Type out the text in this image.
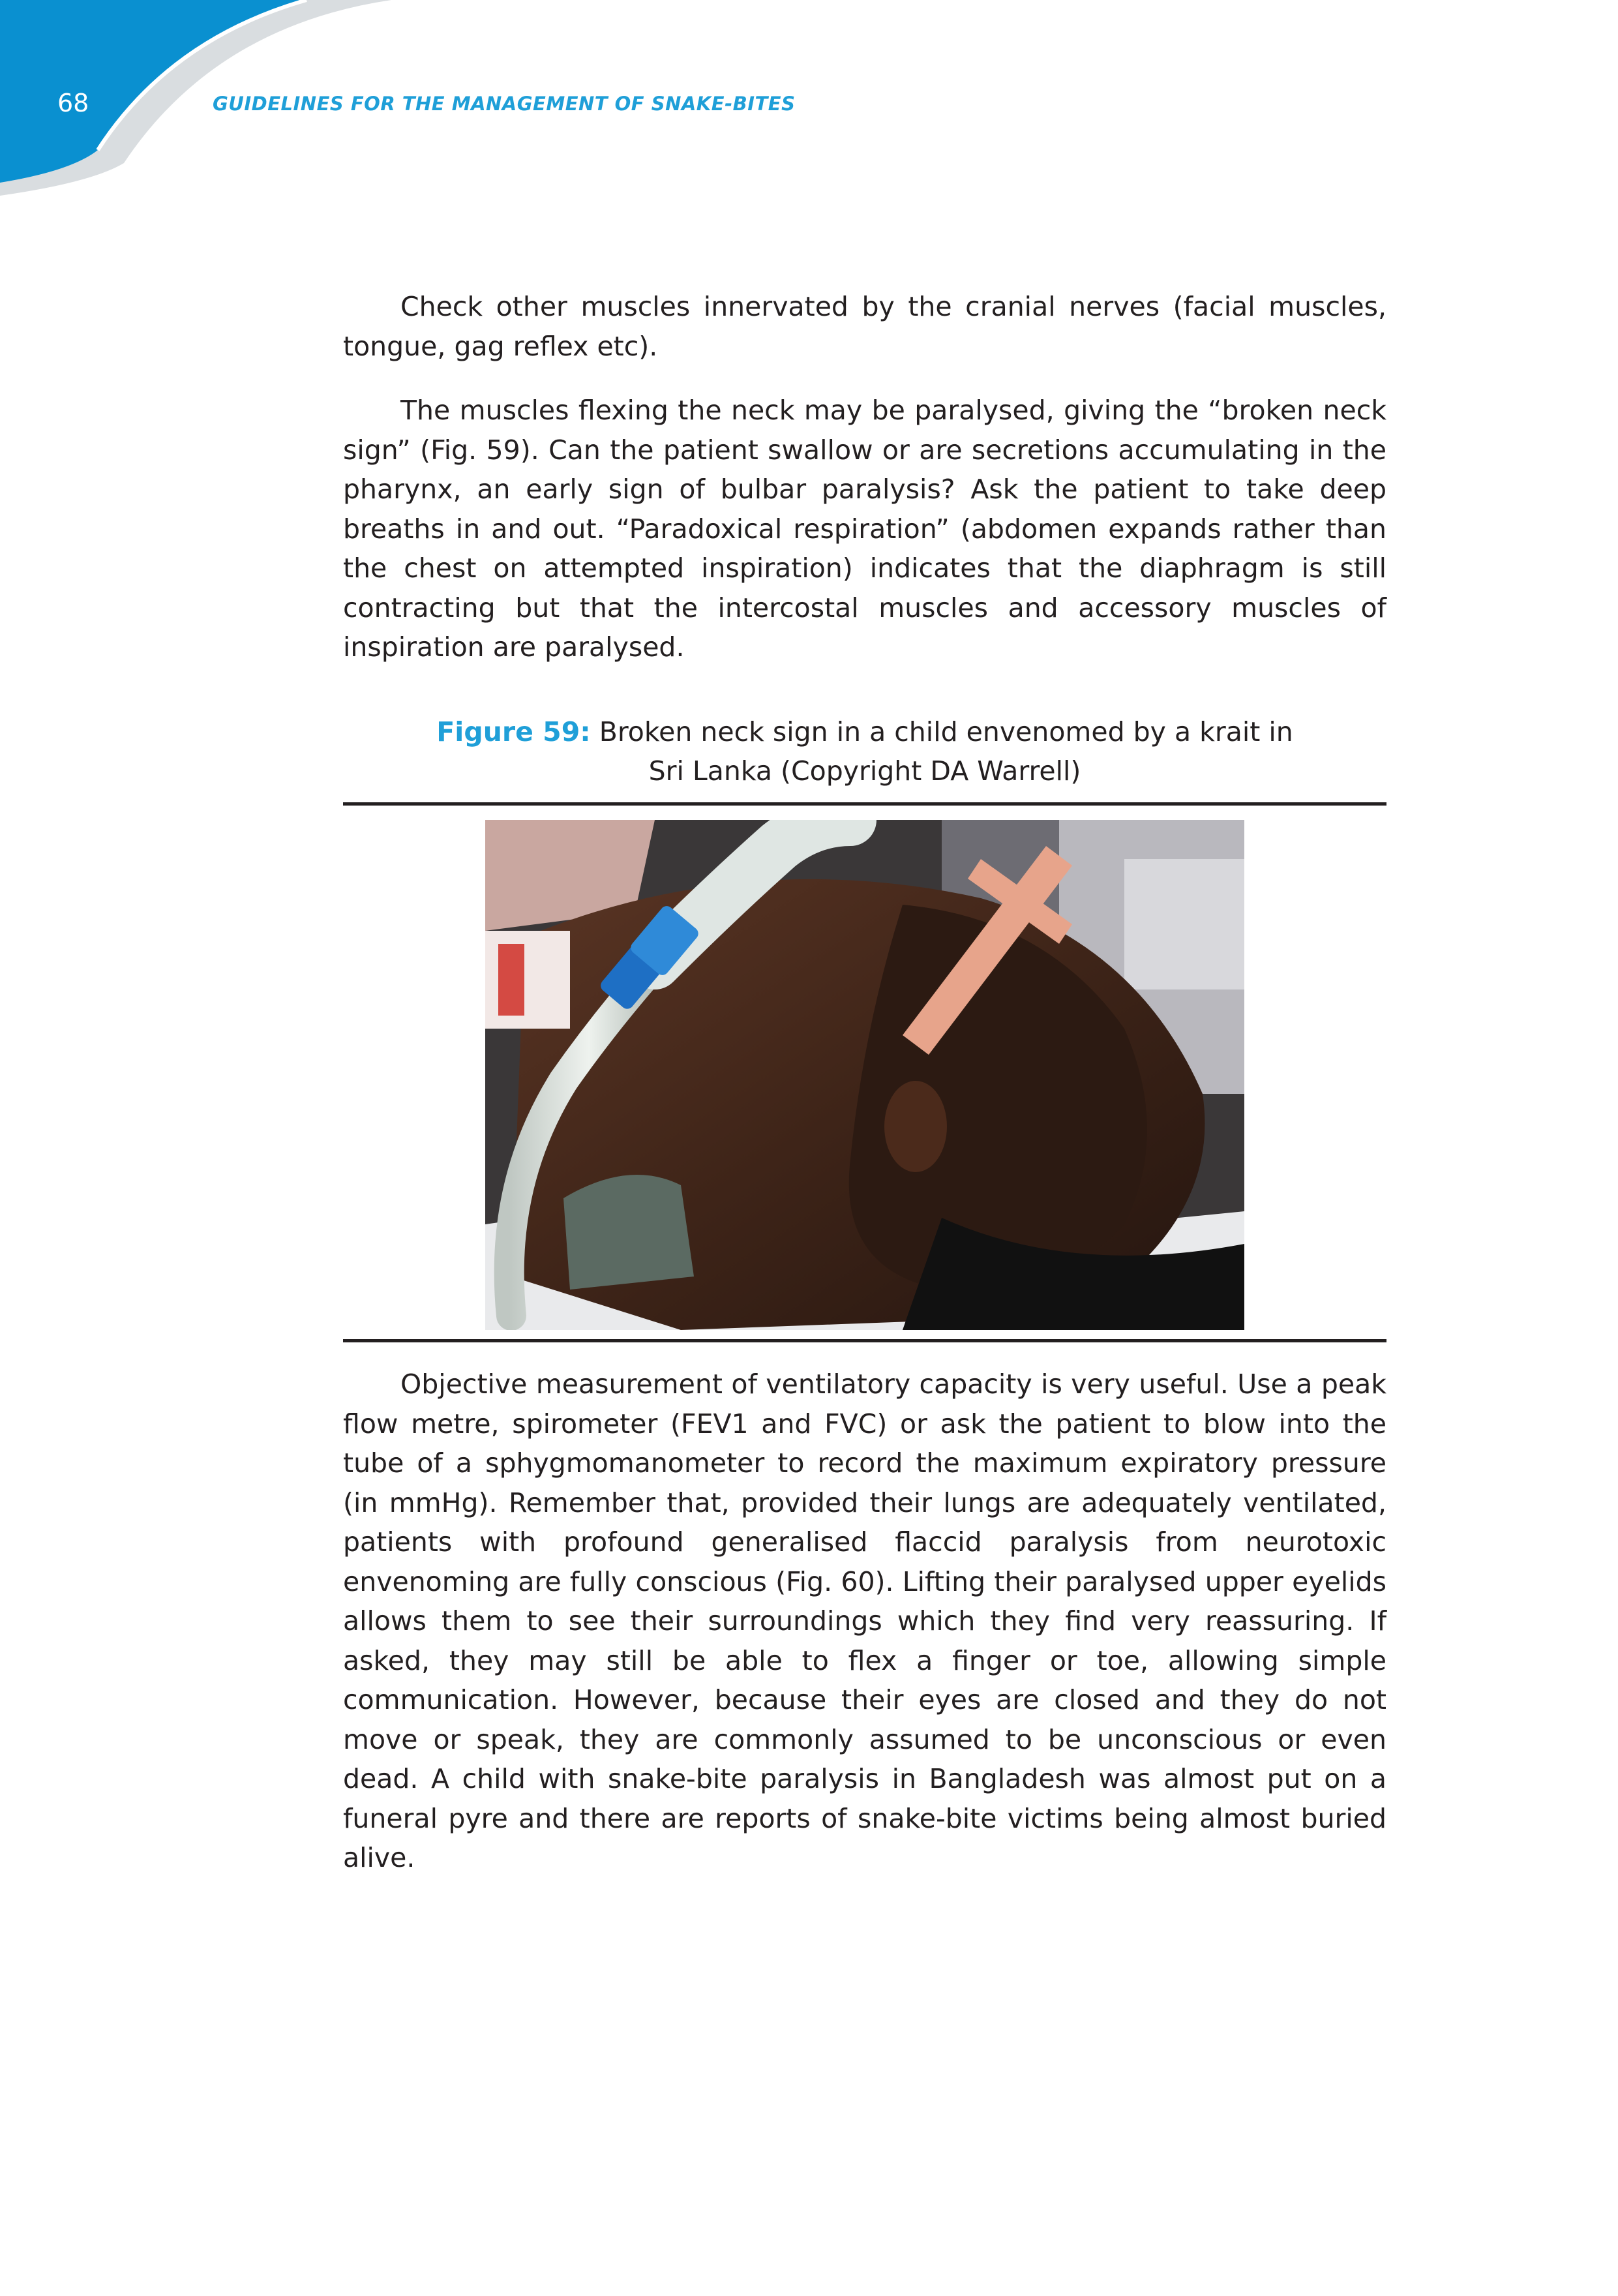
68	GUIDELINES FOR THE MANAGEMENT OF SNAKE-BITES

Check other muscles innervated by the cranial nerves (facial muscles, tongue, gag reflex etc).

The muscles flexing the neck may be paralysed, giving the “broken neck sign” (Fig. 59). Can the patient swallow or are secretions accumulating in the pharynx, an early sign of bulbar paralysis? Ask the patient to take deep breaths in and out. “Paradoxical respiration” (abdomen expands rather than the chest on attempted inspiration) indicates that the diaphragm is still contracting but that the intercostal muscles and accessory muscles of inspiration are paralysed.

Figure 59: Broken neck sign in a child envenomed by a krait in
Sri Lanka (Copyright DA Warrell)

Objective measurement of ventilatory capacity is very useful. Use a peak flow metre, spirometer (FEV1 and FVC) or ask the patient to blow into the tube of a sphygmomanometer to record the maximum expiratory pressure (in mmHg). Remember that, provided their lungs are adequately ventilated, patients with profound generalised flaccid paralysis from neurotoxic envenoming are fully conscious (Fig. 60). Lifting their paralysed upper eyelids allows them to see their surroundings which they find very reassuring. If asked, they may still be able to flex a finger or toe, allowing simple communication. However, because their eyes are closed and they do not move or speak, they are commonly assumed to be unconscious or even dead. A child with snake-bite paralysis in Bangladesh was almost put on a funeral pyre and there are reports of snake-bite victims being almost buried alive.
